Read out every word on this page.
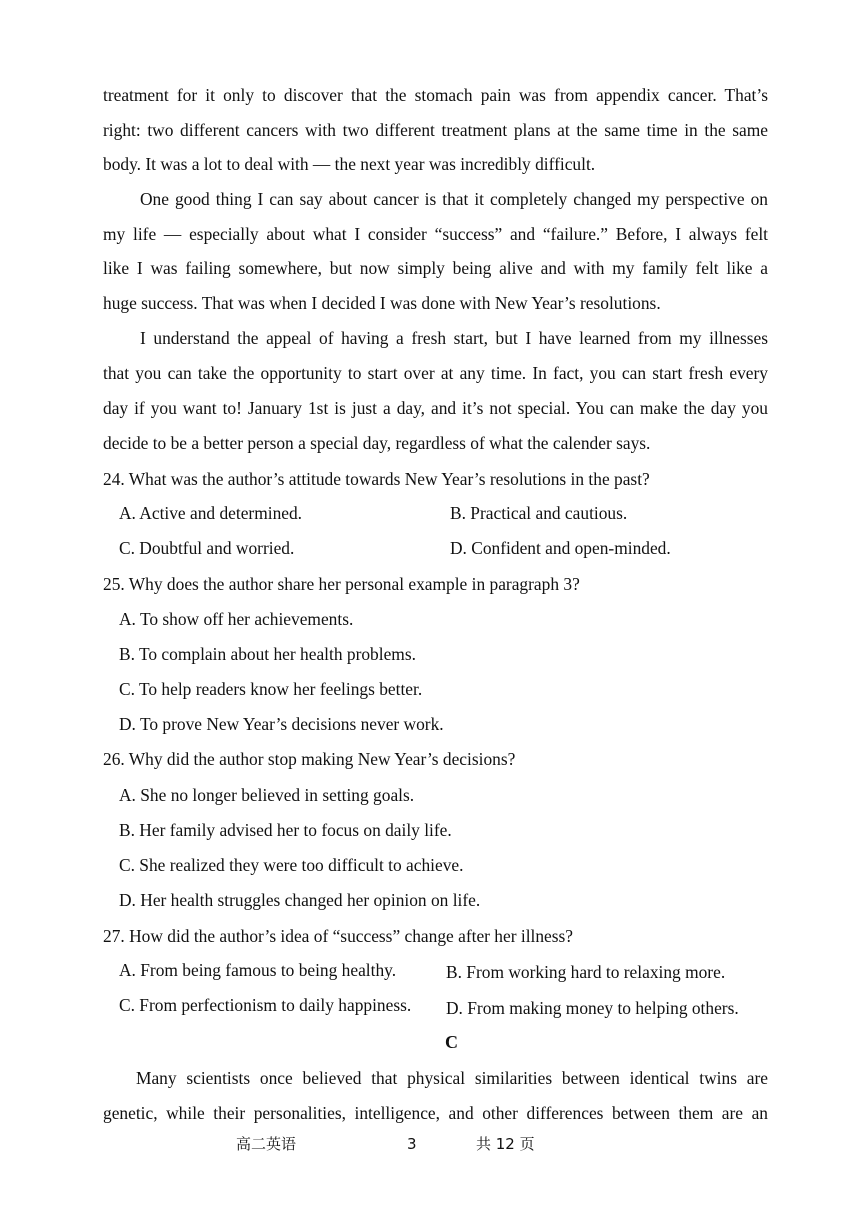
treatment for it only to discover that the stomach pain was from appendix cancer. That’s
right: two different cancers with two different treatment plans at the same time in the same
body. It was a lot to deal with — the next year was incredibly difficult.
One good thing I can say about cancer is that it completely changed my perspective on
my life — especially about what I consider “success” and “failure.” Before, I always felt
like I was failing somewhere, but now simply being alive and with my family felt like a
huge success. That was when I decided I was done with New Year’s resolutions.
I understand the appeal of having a fresh start, but I have learned from my illnesses
that you can take the opportunity to start over at any time. In fact, you can start fresh every
day if you want to! January 1st is just a day, and it’s not special. You can make the day you
decide to be a better person a special day, regardless of what the calender says.
24. What was the author’s attitude towards New Year’s resolutions in the past?
A. Active and determined.	B. Practical and cautious.
C. Doubtful and worried.	D. Confident and open-minded.
25. Why does the author share her personal example in paragraph 3?
A. To show off her achievements.
B. To complain about her health problems.
C. To help readers know her feelings better.
D. To prove New Year’s decisions never work.
26. Why did the author stop making New Year’s decisions?
A. She no longer believed in setting goals.
B. Her family advised her to focus on daily life.
C. She realized they were too difficult to achieve.
D. Her health struggles changed her opinion on life.
27. How did the author’s idea of “success” change after her illness?
A. From being famous to being healthy.	B. From working hard to relaxing more.
C. From perfectionism to daily happiness. D. From making money to helping others.
C
Many scientists once believed that physical similarities between identical twins are
genetic, while their personalities, intelligence, and other differences between them are an
高二英语	3	共 12 页
